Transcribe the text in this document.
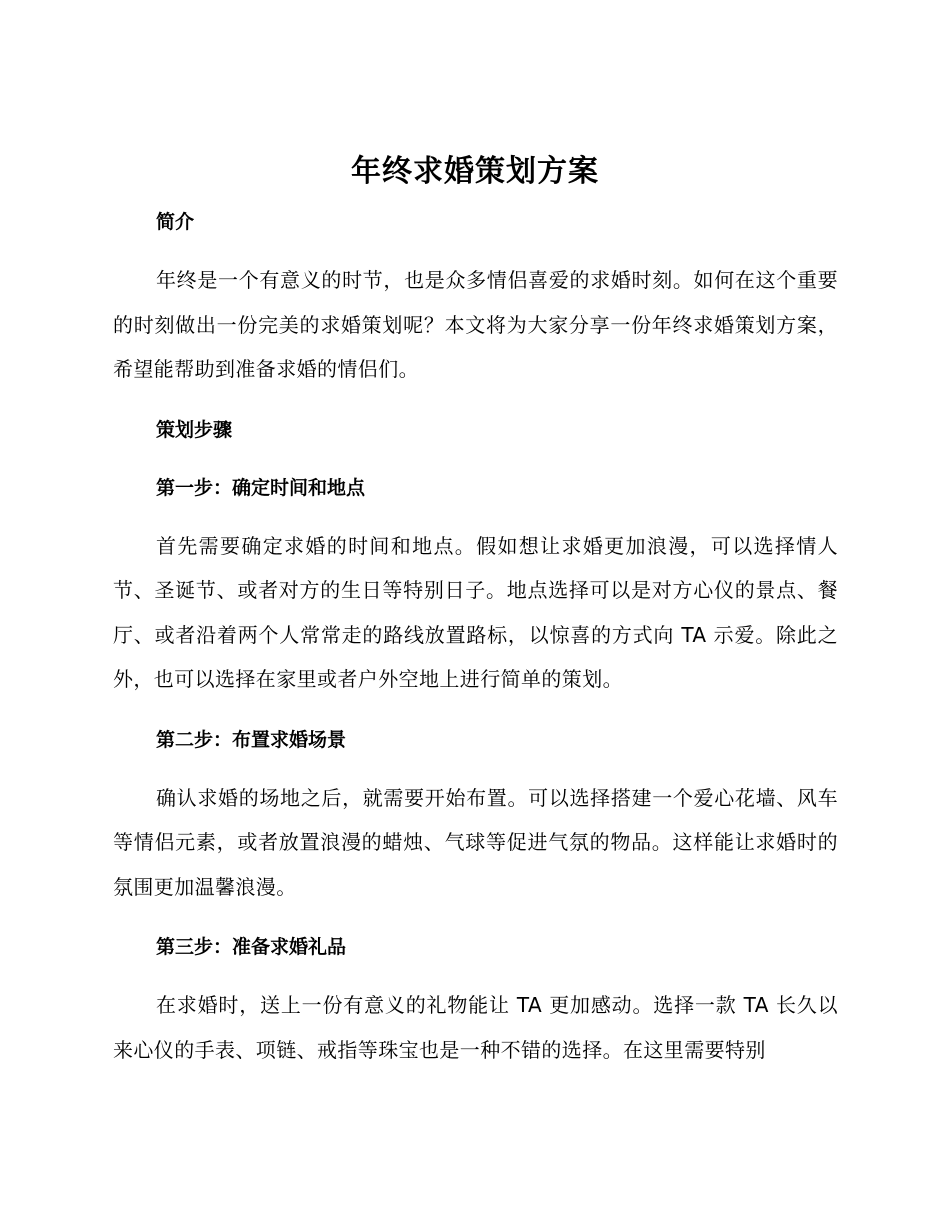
年终求婚策划方案
简介

年终是一个有意义的时节，也是众多情侣喜爱的求婚时刻。如何在这个重要的时刻做出一份完美的求婚策划呢？本文将为大家分享一份年终求婚策划方案，希望能帮助到准备求婚的情侣们。

策划步骤
第一步：确定时间和地点

首先需要确定求婚的时间和地点。假如想让求婚更加浪漫，可以选择情人节、圣诞节、或者对方的生日等特别日子。地点选择可以是对方心仪的景点、餐厅、或者沿着两个人常常走的路线放置路标，以惊喜的方式向 TA 示爱。除此之外，也可以选择在家里或者户外空地上进行简单的策划。

第二步：布置求婚场景

确认求婚的场地之后，就需要开始布置。可以选择搭建一个爱心花墙、风车等情侣元素，或者放置浪漫的蜡烛、气球等促进气氛的物品。这样能让求婚时的氛围更加温馨浪漫。

第三步：准备求婚礼品

在求婚时，送上一份有意义的礼物能让 TA 更加感动。选择一款 TA 长久以来心仪的手表、项链、戒指等珠宝也是一种不错的选择。在这里需要特别
